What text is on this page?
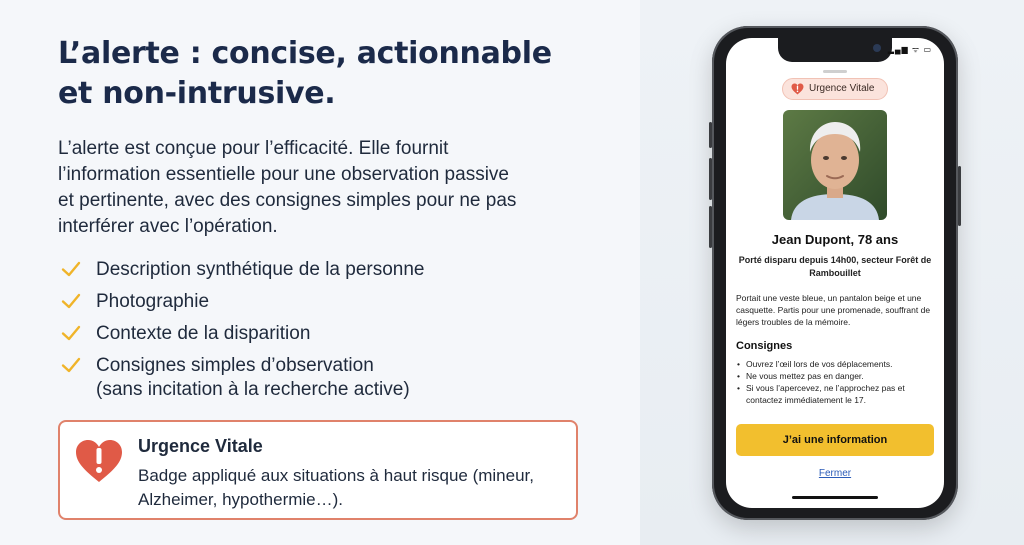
L’alerte : concise, actionnable
et non-intrusive.

L’alerte est conçue pour l’efficacité. Elle fournit l’information essentielle pour une observation passive et pertinente, avec des consignes simples pour ne pas interférer avec l’opération.

Description synthétique de la personne
Photographie
Contexte de la disparition
Consignes simples d’observation
(sans incitation à la recherche active)
Urgence Vitale
Badge appliqué aux situations à haut risque (mineur, Alzheimer, hypothermie…).
▂▄▆ ᯤ ▭
Urgence Vitale
Jean Dupont, 78 ans
Porté disparu depuis 14h00, secteur Forêt de Rambouillet
Portait une veste bleue, un pantalon beige et une casquette. Partis pour une promenade, souffrant de légers troubles de la mémoire.
Consignes
• Ouvrez l’œil lors de vos déplacements.
• Ne vous mettez pas en danger.
• Si vous l’apercevez, ne l’approchez pas et contactez immédiatement le 17.
J’ai une information
Fermer
